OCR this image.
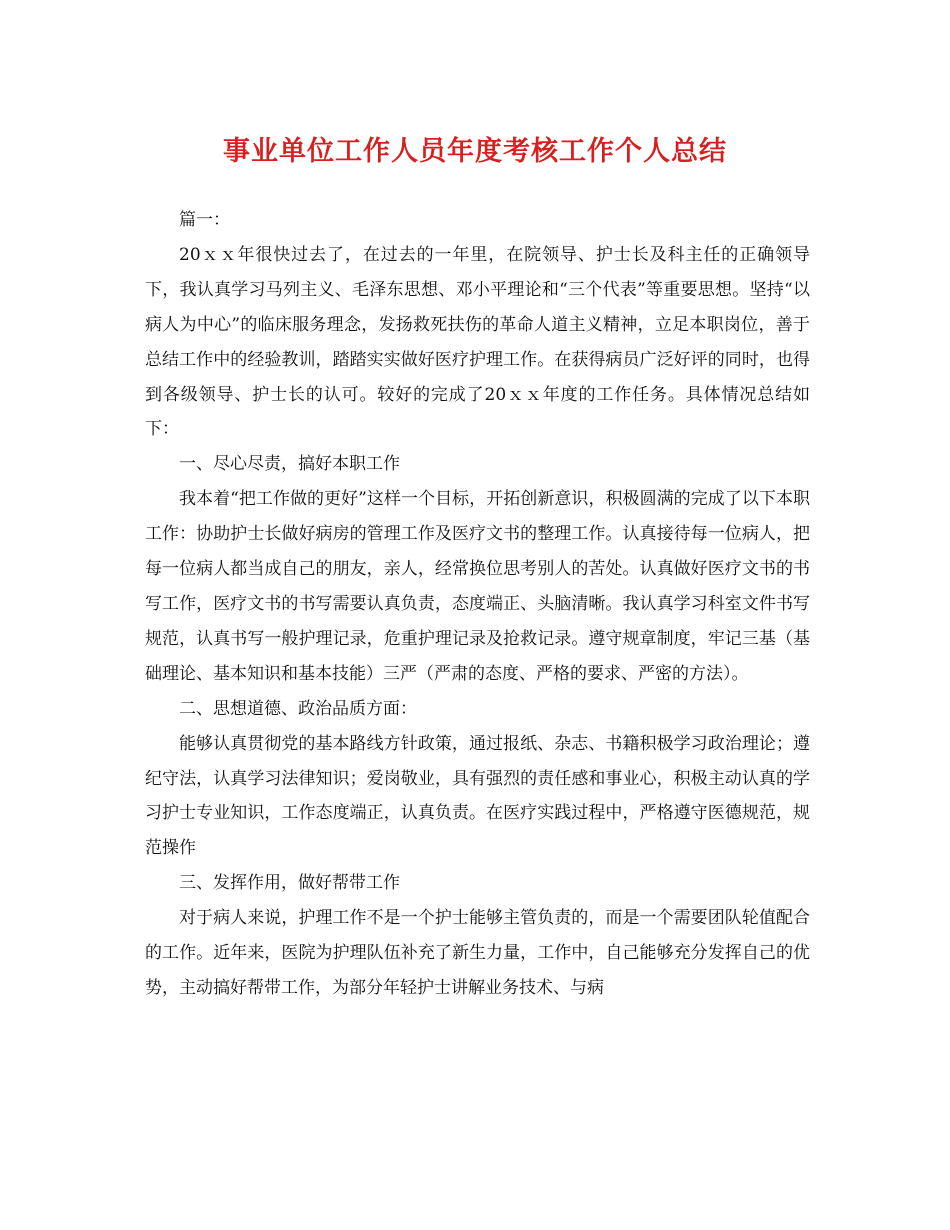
事业单位工作人员年度考核工作个人总结

篇一：

20ｘｘ年很快过去了，在过去的一年里，在院领导、护士长及科主任的正确领导下，我认真学习马列主义、毛泽东思想、邓小平理论和“三个代表”等重要思想。坚持“以病人为中心”的临床服务理念，发扬救死扶伤的革命人道主义精神，立足本职岗位，善于总结工作中的经验教训，踏踏实实做好医疗护理工作。在获得病员广泛好评的同时，也得到各级领导、护士长的认可。较好的完成了20ｘｘ年度的工作任务。具体情况总结如下：

一、尽心尽责，搞好本职工作

我本着“把工作做的更好”这样一个目标，开拓创新意识，积极圆满的完成了以下本职工作：协助护士长做好病房的管理工作及医疗文书的整理工作。认真接待每一位病人，把每一位病人都当成自己的朋友，亲人，经常换位思考别人的苦处。认真做好医疗文书的书写工作，医疗文书的书写需要认真负责，态度端正、头脑清晰。我认真学习科室文件书写规范，认真书写一般护理记录，危重护理记录及抢救记录。遵守规章制度，牢记三基（基础理论、基本知识和基本技能）三严（严肃的态度、严格的要求、严密的方法）。

二、思想道德、政治品质方面：

能够认真贯彻党的基本路线方针政策，通过报纸、杂志、书籍积极学习政治理论；遵纪守法，认真学习法律知识；爱岗敬业，具有强烈的责任感和事业心，积极主动认真的学习护士专业知识，工作态度端正，认真负责。在医疗实践过程中，严格遵守医德规范，规范操作

三、发挥作用，做好帮带工作

对于病人来说，护理工作不是一个护士能够主管负责的，而是一个需要团队轮值配合的工作。近年来，医院为护理队伍补充了新生力量，工作中，自己能够充分发挥自己的优势，主动搞好帮带工作，为部分年轻护士讲解业务技术、与病
